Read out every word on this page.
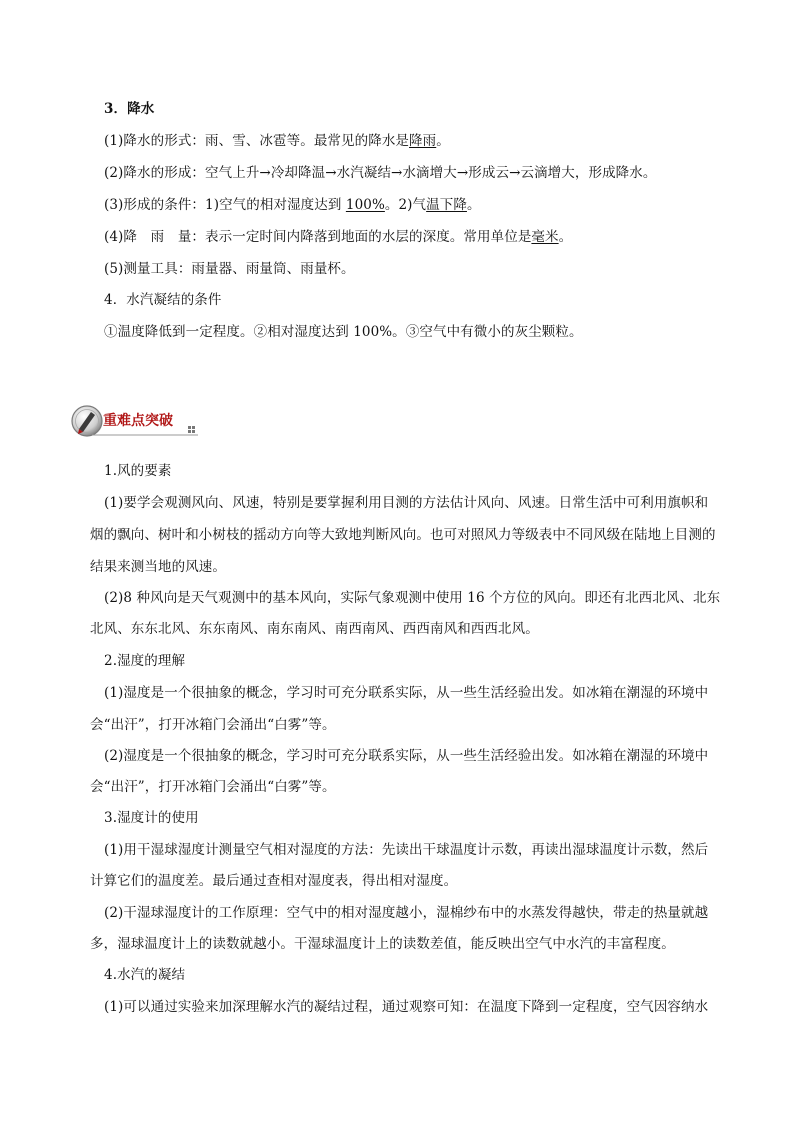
3．降水
(1)降水的形式：雨、雪、冰雹等。最常见的降水是降雨。
(2)降水的形成：空气上升→冷却降温→水汽凝结→水滴增大→形成云→云滴增大，形成降水。
(3)形成的条件：1)空气的相对湿度达到 100%。2)气温下降。
(4)降　雨　量：表示一定时间内降落到地面的水层的深度。常用单位是毫米。
(5)测量工具：雨量器、雨量筒、雨量杯。
4．水汽凝结的条件
①温度降低到一定程度。②相对湿度达到 100%。③空气中有微小的灰尘颗粒。
重难点突破
1.风的要素
(1)要学会观测风向、风速，特别是要掌握利用目测的方法估计风向、风速。日常生活中可利用旗帜和
烟的飘向、树叶和小树枝的摇动方向等大致地判断风向。也可对照风力等级表中不同风级在陆地上目测的
结果来测当地的风速。
(2)8 种风向是天气观测中的基本风向，实际气象观测中使用 16 个方位的风向。即还有北西北风、北东
北风、东东北风、东东南风、南东南风、南西南风、西西南风和西西北风。
2.湿度的理解
(1)湿度是一个很抽象的概念，学习时可充分联系实际，从一些生活经验出发。如冰箱在潮湿的环境中
会“出汗”，打开冰箱门会涌出“白雾”等。
(2)湿度是一个很抽象的概念，学习时可充分联系实际，从一些生活经验出发。如冰箱在潮湿的环境中
会“出汗”，打开冰箱门会涌出“白雾”等。
3.湿度计的使用
(1)用干湿球湿度计测量空气相对湿度的方法：先读出干球温度计示数，再读出湿球温度计示数，然后
计算它们的温度差。最后通过查相对湿度表，得出相对湿度。
(2)干湿球湿度计的工作原理：空气中的相对湿度越小，湿棉纱布中的水蒸发得越快，带走的热量就越
多，湿球温度计上的读数就越小。干湿球温度计上的读数差值，能反映出空气中水汽的丰富程度。
4.水汽的凝结
(1)可以通过实验来加深理解水汽的凝结过程，通过观察可知：在温度下降到一定程度，空气因容纳水
